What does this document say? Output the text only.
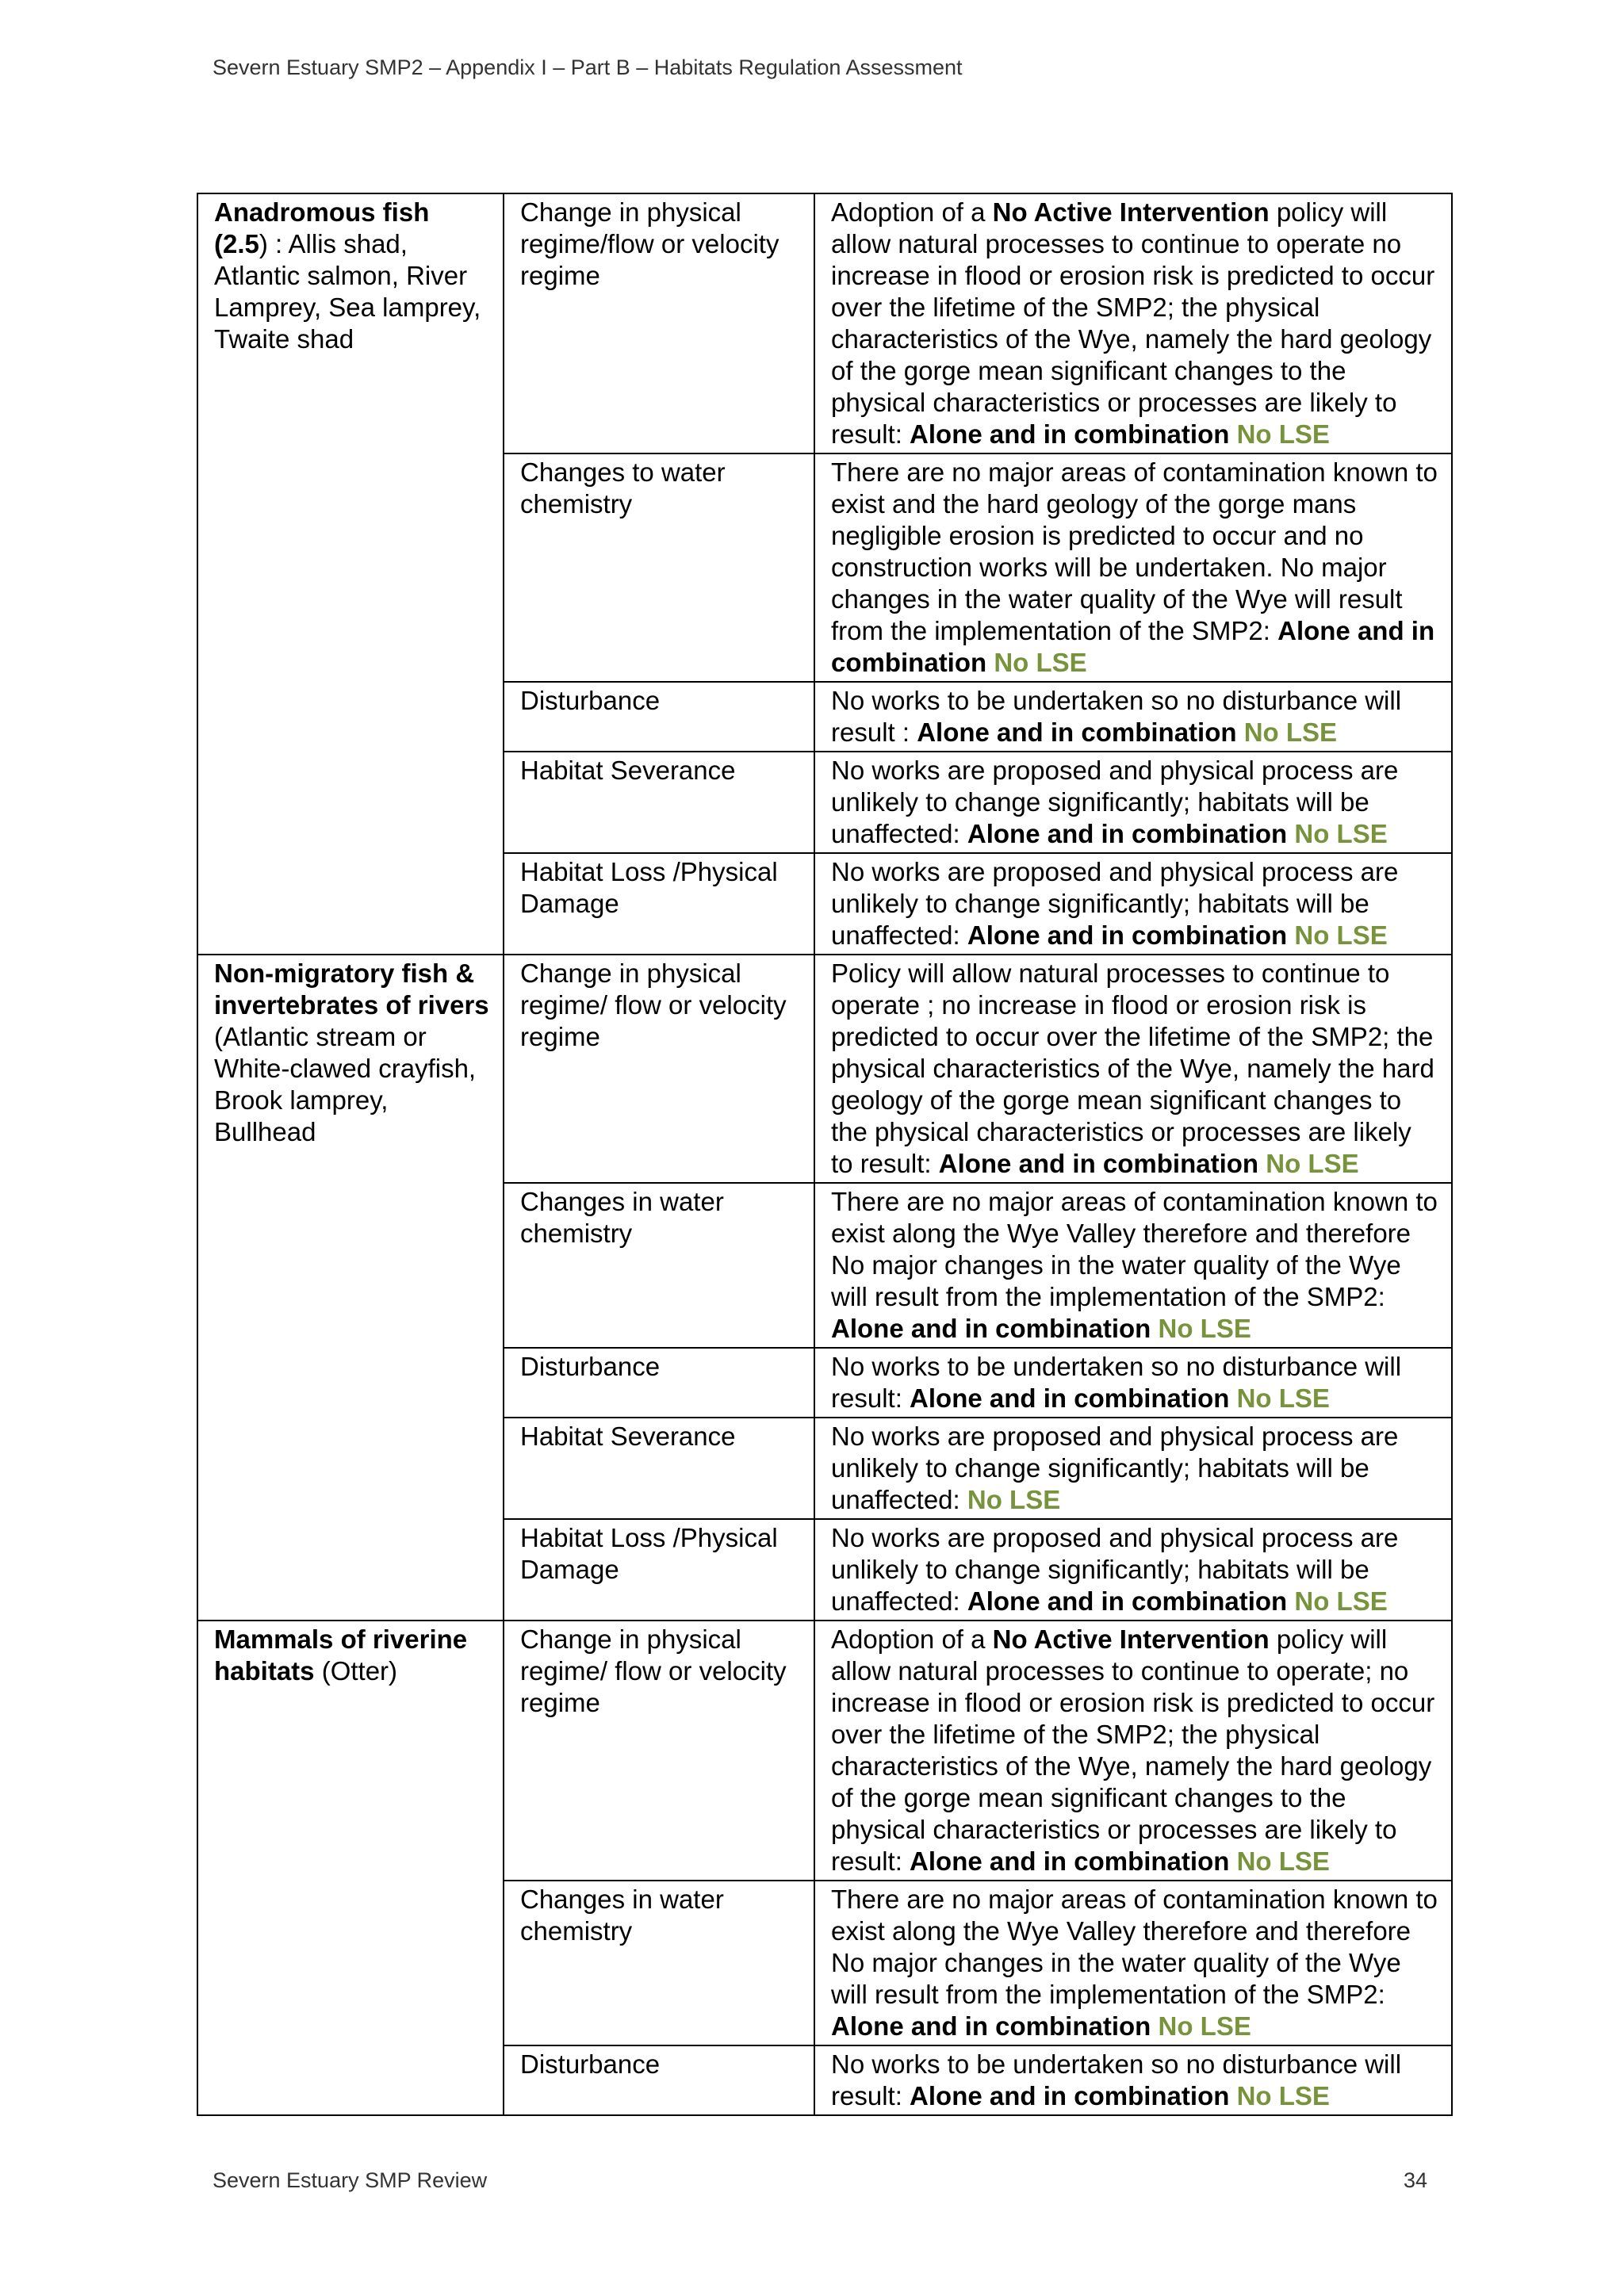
Severn Estuary SMP2 – Appendix I – Part B – Habitats Regulation Assessment
Anadromous fish (2.5) : Allis shad, Atlantic salmon, River Lamprey, Sea lamprey, Twaite shad	Change in physical regime/flow or velocity regime	Adoption of a No Active Intervention policy will allow natural processes to continue to operate no increase in flood or erosion risk is predicted to occur over the lifetime of the SMP2; the physical characteristics of the Wye, namely the hard geology of the gorge mean significant changes to the physical characteristics or processes are likely to result: Alone and in combination No LSE
	Changes to water chemistry	There are no major areas of contamination known to exist and the hard geology of the gorge mans negligible erosion is predicted to occur and no construction works will be undertaken. No major changes in the water quality of the Wye will result from the implementation of the SMP2: Alone and in combination No LSE
	Disturbance	No works to be undertaken so no disturbance will result : Alone and in combination No LSE
	Habitat Severance	No works are proposed and physical process are unlikely to change significantly; habitats will be unaffected: Alone and in combination No LSE
	Habitat Loss /Physical Damage	No works are proposed and physical process are unlikely to change significantly; habitats will be unaffected: Alone and in combination No LSE
Non-migratory fish & invertebrates of rivers (Atlantic stream or White-clawed crayfish, Brook lamprey, Bullhead	Change in physical regime/ flow or velocity regime	Policy will allow natural processes to continue to operate ; no increase in flood or erosion risk is predicted to occur over the lifetime of the SMP2; the physical characteristics of the Wye, namely the hard geology of the gorge mean significant changes to the physical characteristics or processes are likely to result: Alone and in combination No LSE
	Changes in water chemistry	There are no major areas of contamination known to exist along the Wye Valley therefore and therefore No major changes in the water quality of the Wye will result from the implementation of the SMP2: Alone and in combination No LSE
	Disturbance	No works to be undertaken so no disturbance will result: Alone and in combination No LSE
	Habitat Severance	No works are proposed and physical process are unlikely to change significantly; habitats will be unaffected: No LSE
	Habitat Loss /Physical Damage	No works are proposed and physical process are unlikely to change significantly; habitats will be unaffected: Alone and in combination No LSE
Mammals of riverine habitats (Otter)	Change in physical regime/ flow or velocity regime	Adoption of a No Active Intervention policy will allow natural processes to continue to operate; no increase in flood or erosion risk is predicted to occur over the lifetime of the SMP2; the physical characteristics of the Wye, namely the hard geology of the gorge mean significant changes to the physical characteristics or processes are likely to result: Alone and in combination No LSE
	Changes in water chemistry	There are no major areas of contamination known to exist along the Wye Valley therefore and therefore No major changes in the water quality of the Wye will result from the implementation of the SMP2: Alone and in combination No LSE
	Disturbance	No works to be undertaken so no disturbance will result: Alone and in combination No LSE
Severn Estuary SMP Review	34
